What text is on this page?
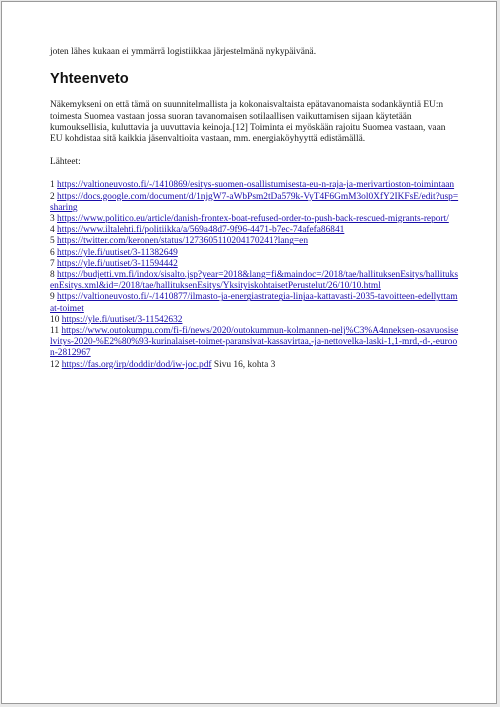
joten lähes kukaan ei ymmärrä logistiikkaa järjestelmänä nykypäivänä.

Yhteenveto

Näkemykseni on että tämä on suunnitelmallista ja kokonaisvaltaista epätavanomaista sodankäyntiä EU:n toimesta Suomea vastaan jossa suoran tavanomaisen sotilaallisen vaikuttamisen sijaan käytetään kumouksellisia, kuluttavia ja uuvuttavia keinoja.[12] Toiminta ei myöskään rajoitu Suomea vastaan, vaan EU kohdistaa sitä kaikkia jäsenvaltioita vastaan, mm. energiaköyhyyttä edistämällä.

Lähteet:

1 https://valtioneuvosto.fi/-/1410869/esitys-suomen-osallistumisesta-eu-n-raja-ja-merivartioston-toimintaan
2 https://docs.google.com/document/d/1njgW7-aWbPsm2tDa579k-VyT4F6GmM3ol0XfY2IKFsE/edit?usp=sharing
3 https://www.politico.eu/article/danish-frontex-boat-refused-order-to-push-back-rescued-migrants-report/
4 https://www.iltalehti.fi/politiikka/a/569a48d7-9f96-4471-b7ec-74afefa86841
5 https://twitter.com/keronen/status/1273605110204170241?lang=en
6 https://yle.fi/uutiset/3-11382649
7 https://yle.fi/uutiset/3-11594442
8 https://budjetti.vm.fi/indox/sisalto.jsp?year=2018&lang=fi&maindoc=/2018/tae/hallituksenEsitys/hallituksenEsitys.xml&id=/2018/tae/hallituksenEsitys/YksityiskohtaisetPerustelut/26/10/10.html
9 https://valtioneuvosto.fi/-/1410877/ilmasto-ja-energiastrategia-linjaa-kattavasti-2035-tavoitteen-edellyttamat-toimet
10 https://yle.fi/uutiset/3-11542632
11 https://www.outokumpu.com/fi-fi/news/2020/outokummun-kolmannen-nelj%C3%A4nneksen-osavuosiselvitys-2020-%E2%80%93-kurinalaiset-toimet-paransivat-kassavirtaa,-ja-nettovelka-laski-1,1-mrd,-d-,-euroon-2812967
12 https://fas.org/irp/doddir/dod/iw-joc.pdf Sivu 16, kohta 3
